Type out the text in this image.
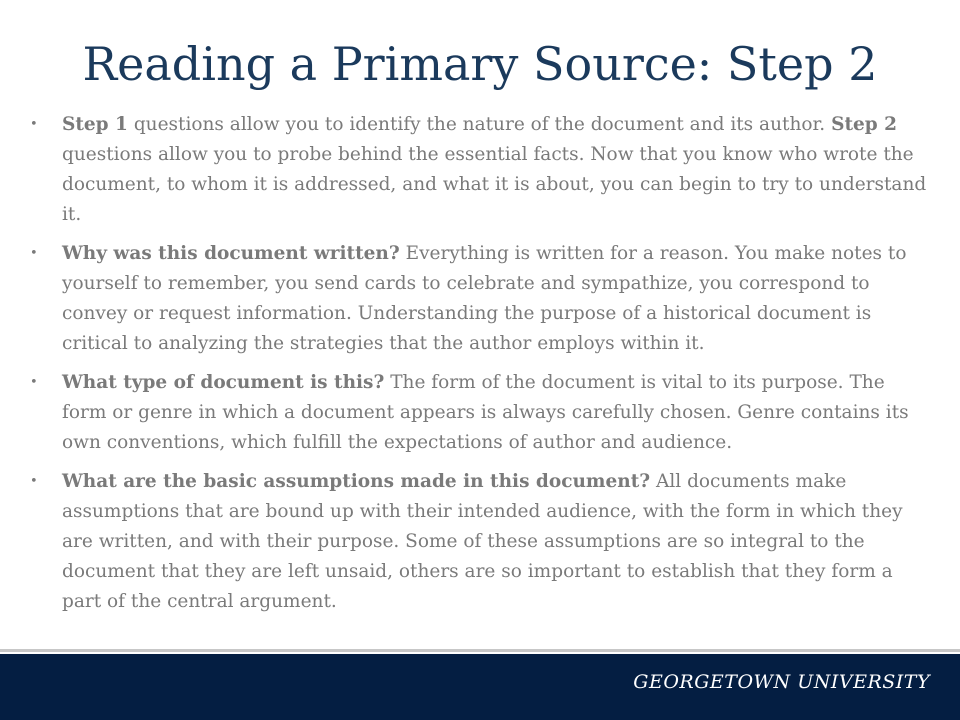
Reading a Primary Source: Step 2
• Step 1 questions allow you to identify the nature of the document and its author. Step 2 questions allow you to probe behind the essential facts. Now that you know who wrote the document, to whom it is addressed, and what it is about, you can begin to try to understand it.
• Why was this document written? Everything is written for a reason. You make notes to yourself to remember, you send cards to celebrate and sympathize, you correspond to convey or request information. Understanding the purpose of a historical document is critical to analyzing the strategies that the author employs within it.
• What type of document is this? The form of the document is vital to its purpose. The form or genre in which a document appears is always carefully chosen. Genre contains its own conventions, which fulfill the expectations of author and audience.
• What are the basic assumptions made in this document? All documents make assumptions that are bound up with their intended audience, with the form in which they are written, and with their purpose. Some of these assumptions are so integral to the document that they are left unsaid, others are so important to establish that they form a part of the central argument.
GEORGETOWN UNIVERSITY
